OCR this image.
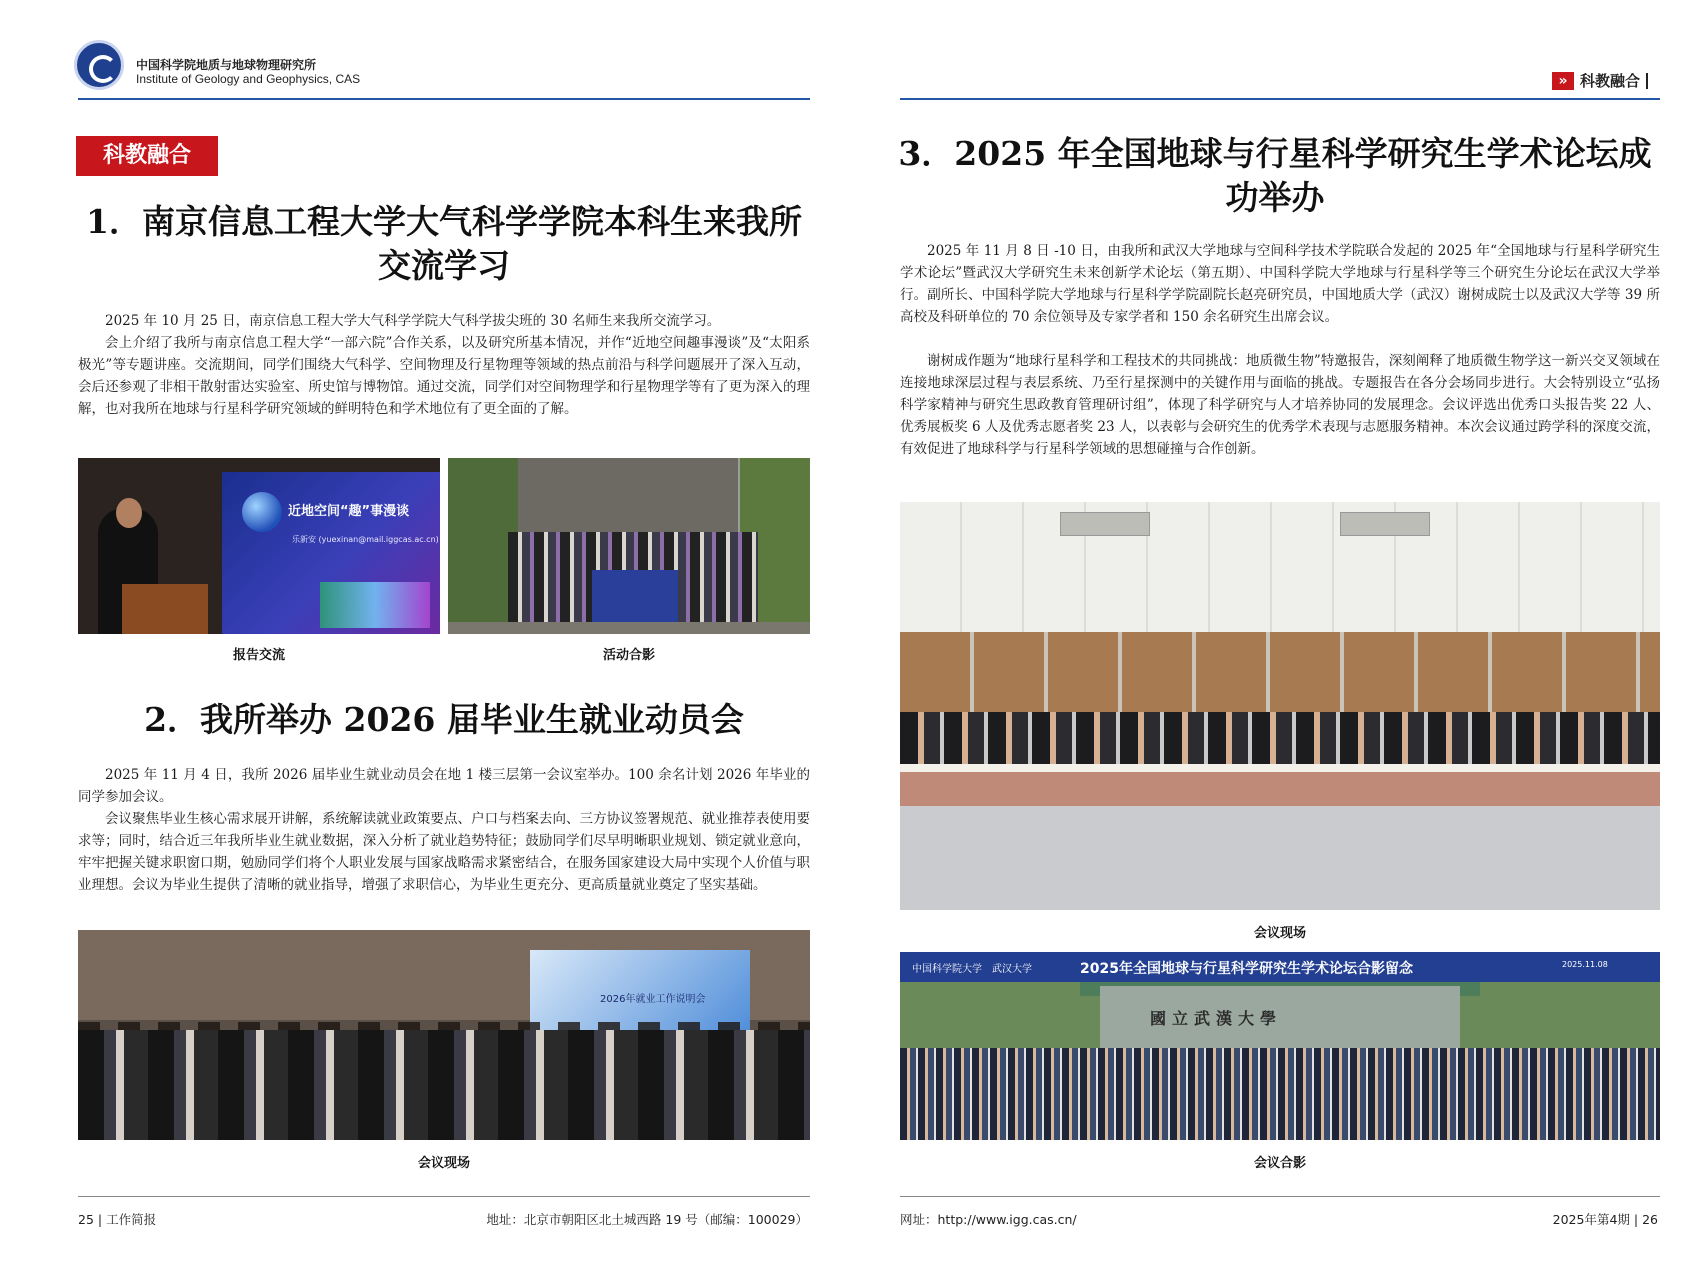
中国科学院地质与地球物理研究所
Institute of Geology and Geophysics, CAS
科教融合
1．南京信息工程大学大气科学学院本科生来我所交流学习

2025 年 10 月 25 日，南京信息工程大学大气科学学院大气科学拔尖班的 30 名师生来我所交流学习。

会上介绍了我所与南京信息工程大学“一部六院”合作关系，以及研究所基本情况，并作“近地空间趣事漫谈”及“太阳系极光”等专题讲座。交流期间，同学们围绕大气科学、空间物理及行星物理等领域的热点前沿与科学问题展开了深入互动，会后还参观了非相干散射雷达实验室、所史馆与博物馆。通过交流，同学们对空间物理学和行星物理学等有了更为深入的理解，也对我所在地球与行星科学研究领域的鲜明特色和学术地位有了更全面的了解。

近地空间“趣”事漫谈
乐新安 (yuexinan@mail.iggcas.ac.cn)
报告交流	活动合影
2．我所举办 2026 届毕业生就业动员会

2025 年 11 月 4 日，我所 2026 届毕业生就业动员会在地 1 楼三层第一会议室举办。100 余名计划 2026 年毕业的同学参加会议。

会议聚焦毕业生核心需求展开讲解，系统解读就业政策要点、户口与档案去向、三方协议签署规范、就业推荐表使用要求等；同时，结合近三年我所毕业生就业数据，深入分析了就业趋势特征；鼓励同学们尽早明晰职业规划、锁定就业意向，牢牢把握关键求职窗口期，勉励同学们将个人职业发展与国家战略需求紧密结合，在服务国家建设大局中实现个人价值与职业理想。会议为毕业生提供了清晰的就业指导，增强了求职信心，为毕业生更充分、更高质量就业奠定了坚实基础。

2026年就业工作说明会
会议现场
25 | 工作简报	地址：北京市朝阳区北土城西路 19 号（邮编：100029）
» 科教融合
3．2025 年全国地球与行星科学研究生学术论坛成功举办

2025 年 11 月 8 日 -10 日，由我所和武汉大学地球与空间科学技术学院联合发起的 2025 年“全国地球与行星科学研究生学术论坛”暨武汉大学研究生未来创新学术论坛（第五期）、中国科学院大学地球与行星科学等三个研究生分论坛在武汉大学举行。副所长、中国科学院大学地球与行星科学学院副院长赵亮研究员，中国地质大学（武汉）谢树成院士以及武汉大学等 39 所高校及科研单位的 70 余位领导及专家学者和 150 余名研究生出席会议。

谢树成作题为“地球行星科学和工程技术的共同挑战：地质微生物”特邀报告，深刻阐释了地质微生物学这一新兴交叉领域在连接地球深层过程与表层系统、乃至行星探测中的关键作用与面临的挑战。专题报告在各分会场同步进行。大会特别设立“弘扬科学家精神与研究生思政教育管理研讨组”，体现了科学研究与人才培养协同的发展理念。会议评选出优秀口头报告奖 22 人、优秀展板奖 6 人及优秀志愿者奖 23 人，以表彰与会研究生的优秀学术表现与志愿服务精神。本次会议通过跨学科的深度交流，有效促进了地球科学与行星科学领域的思想碰撞与合作创新。

会议现场
中国科学院大学 武汉大学	2025年全国地球与行星科学研究生学术论坛合影留念	2025.11.08
國立武漢大學
会议合影
网址：http://www.igg.cas.cn/	2025年第4期 | 26
